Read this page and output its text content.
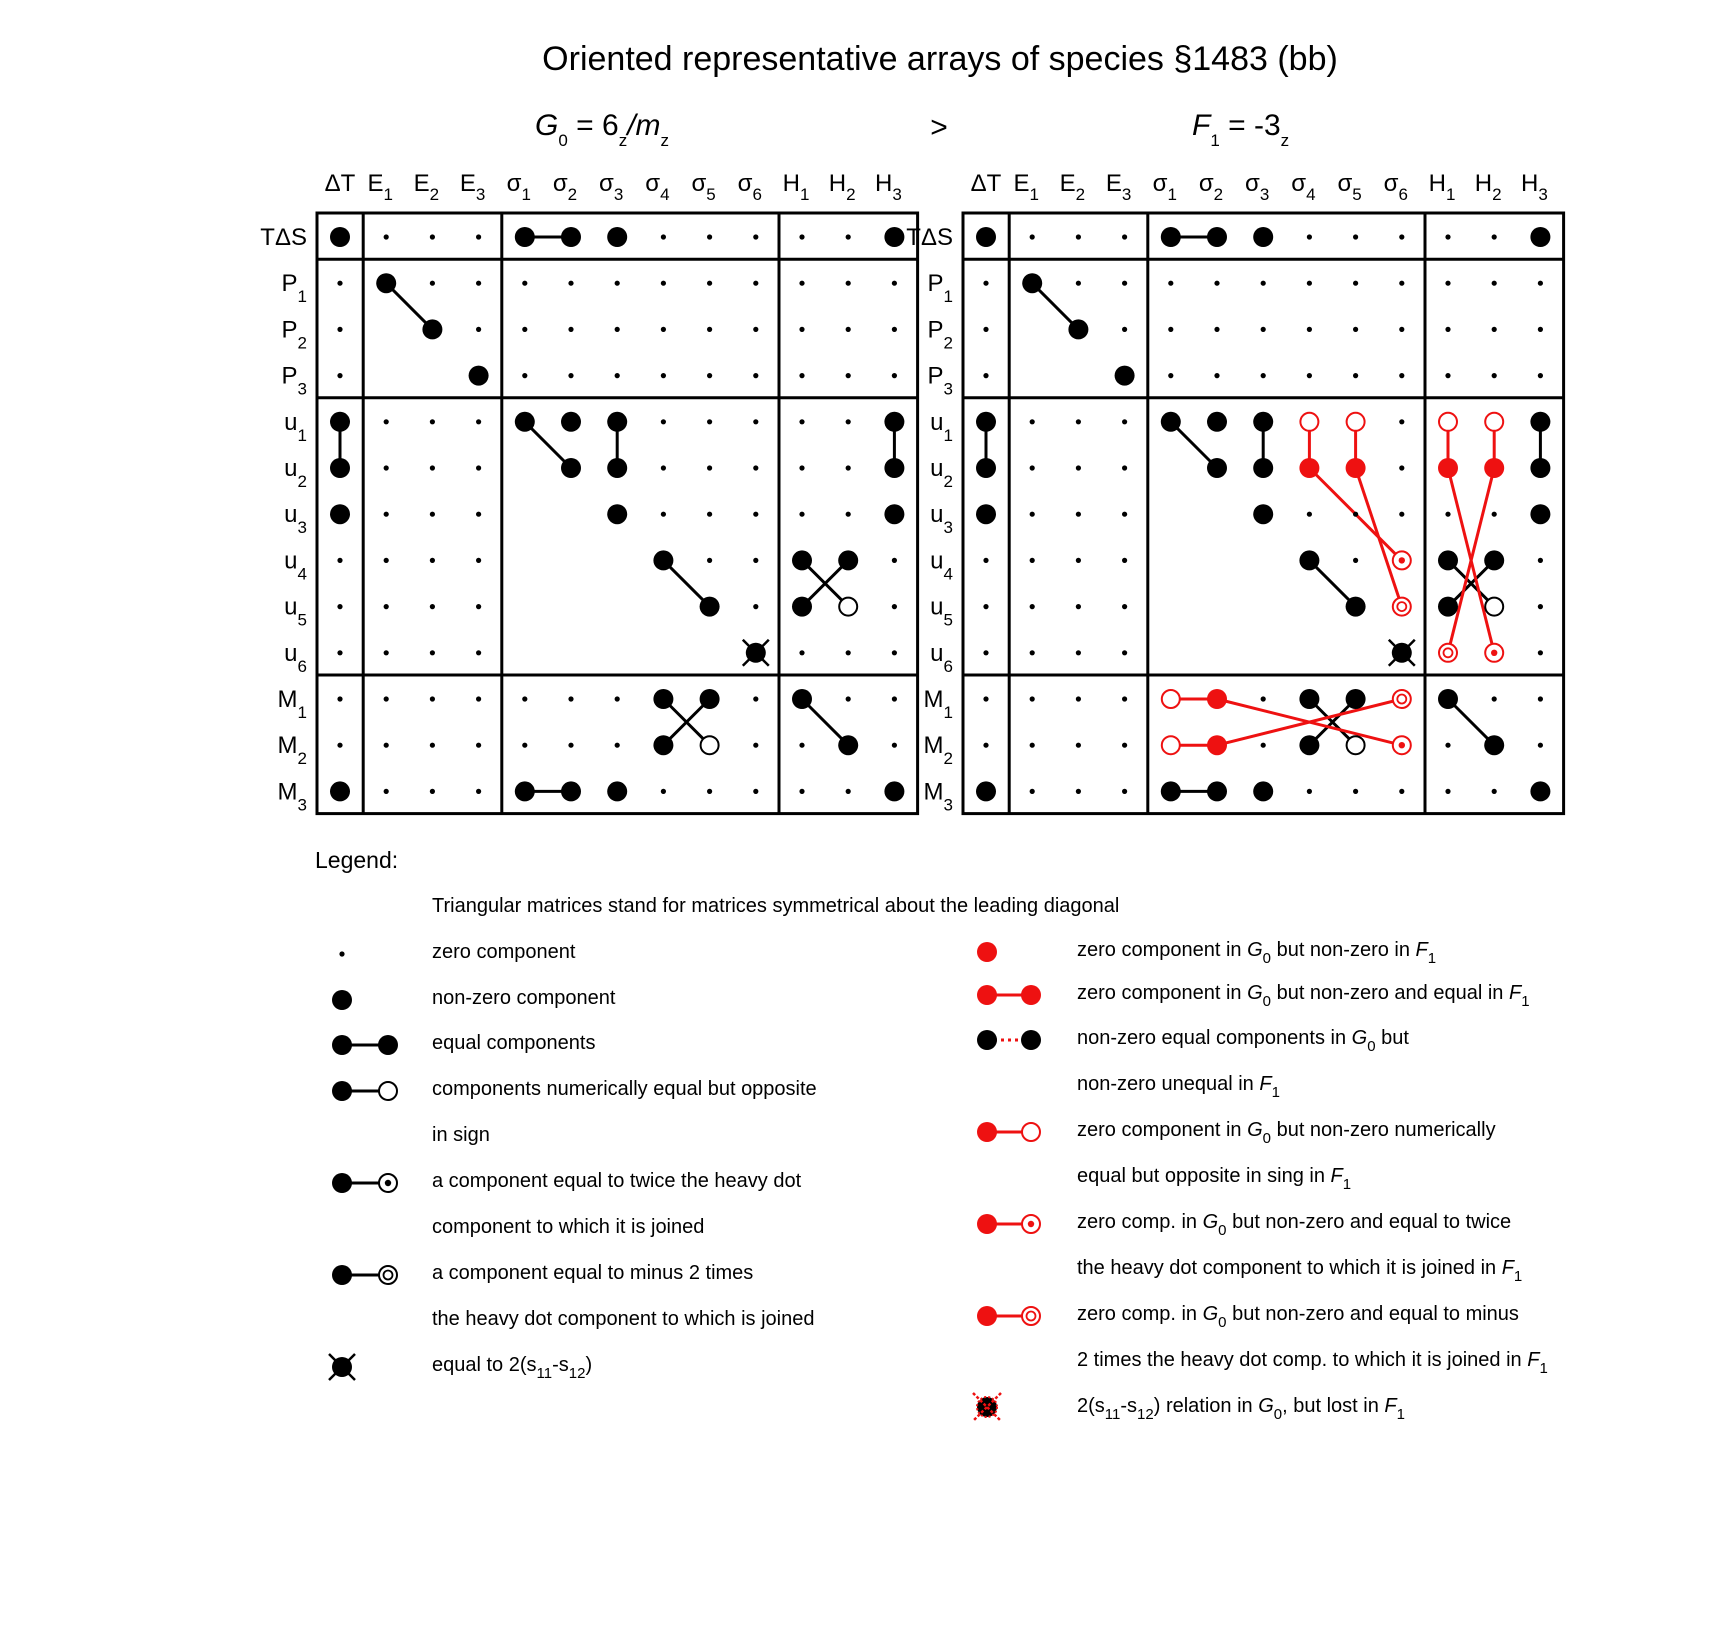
Oriented representative arrays of species §1483 (bb)
$G_0 = 6_z/m_z$	>	$F_1 = -3_z$
ΔT $E_1$ $E_2$ $E_3$ $\sigma_1$ $\sigma_2$ $\sigma_3$ $\sigma_4$ $\sigma_5$ $\sigma_6$ $H_1$ $H_2$ $H_3$
TΔS
$P_1$
$P_2$
$P_3$
$u_1$
$u_2$
$u_3$
$u_4$
$u_5$
$u_6$
$M_1$
$M_2$
$M_3$
ΔT $E_1$ $E_2$ $E_3$ $\sigma_1$ $\sigma_2$ $\sigma_3$ $\sigma_4$ $\sigma_5$ $\sigma_6$ $H_1$ $H_2$ $H_3$
TΔS
$P_1$
$P_2$
$P_3$
$u_1$
$u_2$
$u_3$
$u_4$
$u_5$
$u_6$
$M_1$
$M_2$
$M_3$
Legend:
Triangular matrices stand for matrices symmetrical about the leading diagonal
zero component
non-zero component
equal components
components numerically equal but opposite
in sign
a component equal to twice the heavy dot
component to which it is joined
a component equal to minus 2 times
the heavy dot component to which is joined
equal to $2(s_{11}-s_{12})$
zero component in $G_0$ but non-zero in $F_1$
zero component in $G_0$ but non-zero and equal in $F_1$
non-zero equal components in $G_0$ but
non-zero unequal in $F_1$
zero component in $G_0$ but non-zero numerically
equal but opposite in sing in $F_1$
zero comp. in $G_0$ but non-zero and equal to twice
the heavy dot component to which it is joined in $F_1$
zero comp. in $G_0$ but non-zero and equal to minus
2 times the heavy dot comp. to which it is joined in $F_1$
$2(s_{11}-s_{12})$ relation in $G_0$, but lost in $F_1$
